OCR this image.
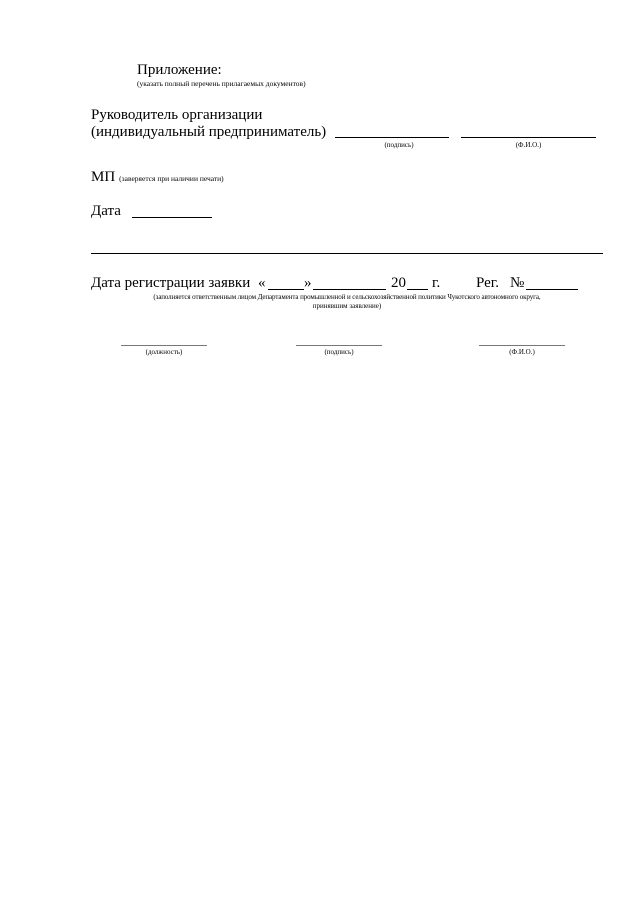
Приложение:
(указать полный перечень прилагаемых документов)
Руководитель организации
(индивидуальный предприниматель)
(подпись)	(Ф.И.О.)
МП (заверяется при наличии печати)
Дата
Дата регистрации заявки «	»	20 г. Рег. №
(заполняется ответственным лицом Департамента промышленной и сельскохозяйственной политики Чукотского автономного округа,
принявшим заявление)
(должность)	(подпись)	(Ф.И.О.)
